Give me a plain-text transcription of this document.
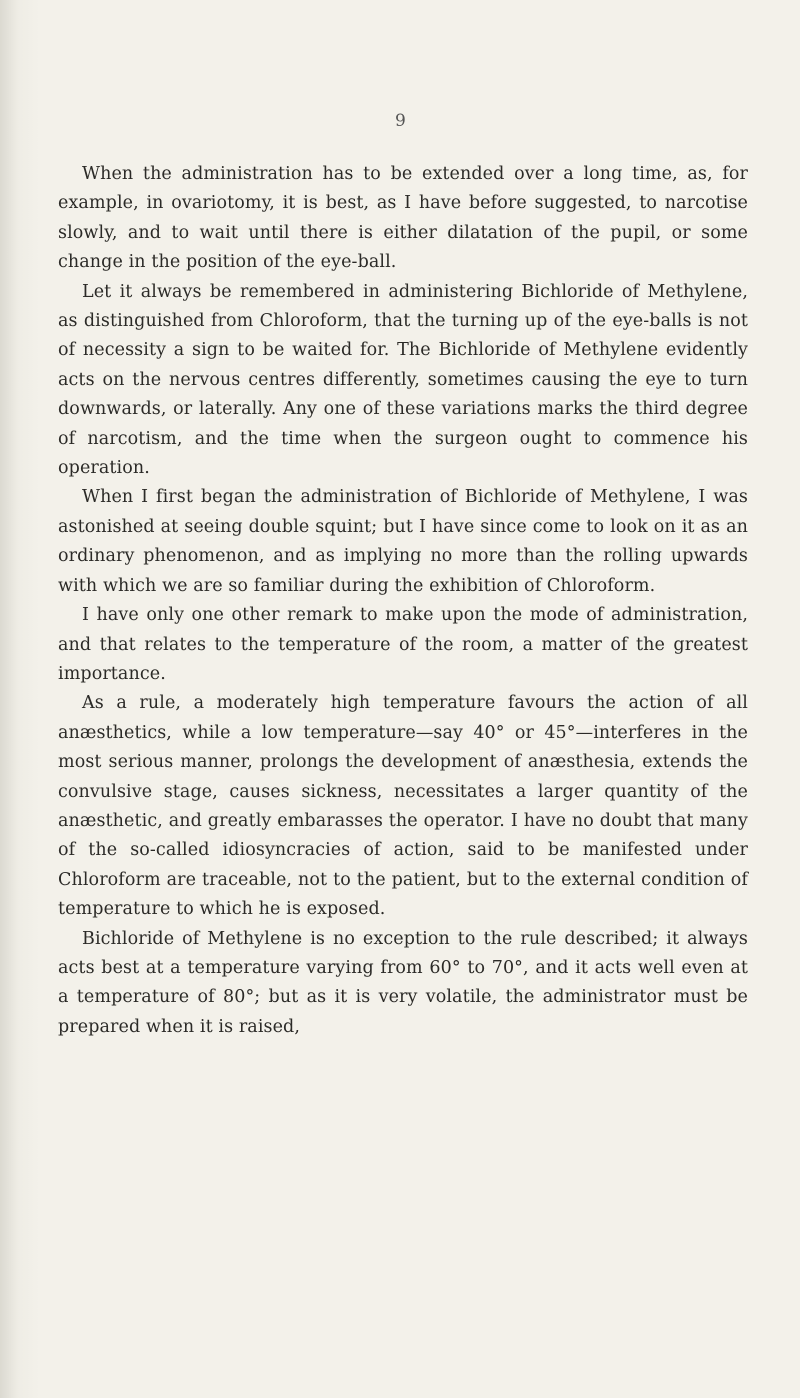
9

When the administration has to be extended over a long time, as, for example, in ovariotomy, it is best, as I have before suggested, to narcotise slowly, and to wait until there is either dilatation of the pupil, or some change in the position of the eye-ball.

Let it always be remembered in administering Bichloride of Methylene, as distinguished from Chloroform, that the turning up of the eye-balls is not of necessity a sign to be waited for. The Bichloride of Methylene evidently acts on the nervous centres differently, sometimes causing the eye to turn downwards, or laterally. Any one of these variations marks the third degree of narcotism, and the time when the surgeon ought to commence his operation.

When I first began the administration of Bichloride of Methylene, I was astonished at seeing double squint; but I have since come to look on it as an ordinary phenomenon, and as implying no more than the rolling upwards with which we are so familiar during the exhibition of Chloroform.

I have only one other remark to make upon the mode of administration, and that relates to the temperature of the room, a matter of the greatest importance.

As a rule, a moderately high temperature favours the action of all anæsthetics, while a low temperature—say 40° or 45°—interferes in the most serious manner, prolongs the development of anæsthesia, extends the convulsive stage, causes sickness, necessitates a larger quantity of the anæsthetic, and greatly embarasses the operator. I have no doubt that many of the so-called idiosyncracies of action, said to be manifested under Chloroform are traceable, not to the patient, but to the external condition of temperature to which he is exposed.

Bichloride of Methylene is no exception to the rule described; it always acts best at a temperature varying from 60° to 70°, and it acts well even at a temperature of 80°; but as it is very volatile, the administrator must be prepared when it is raised,
